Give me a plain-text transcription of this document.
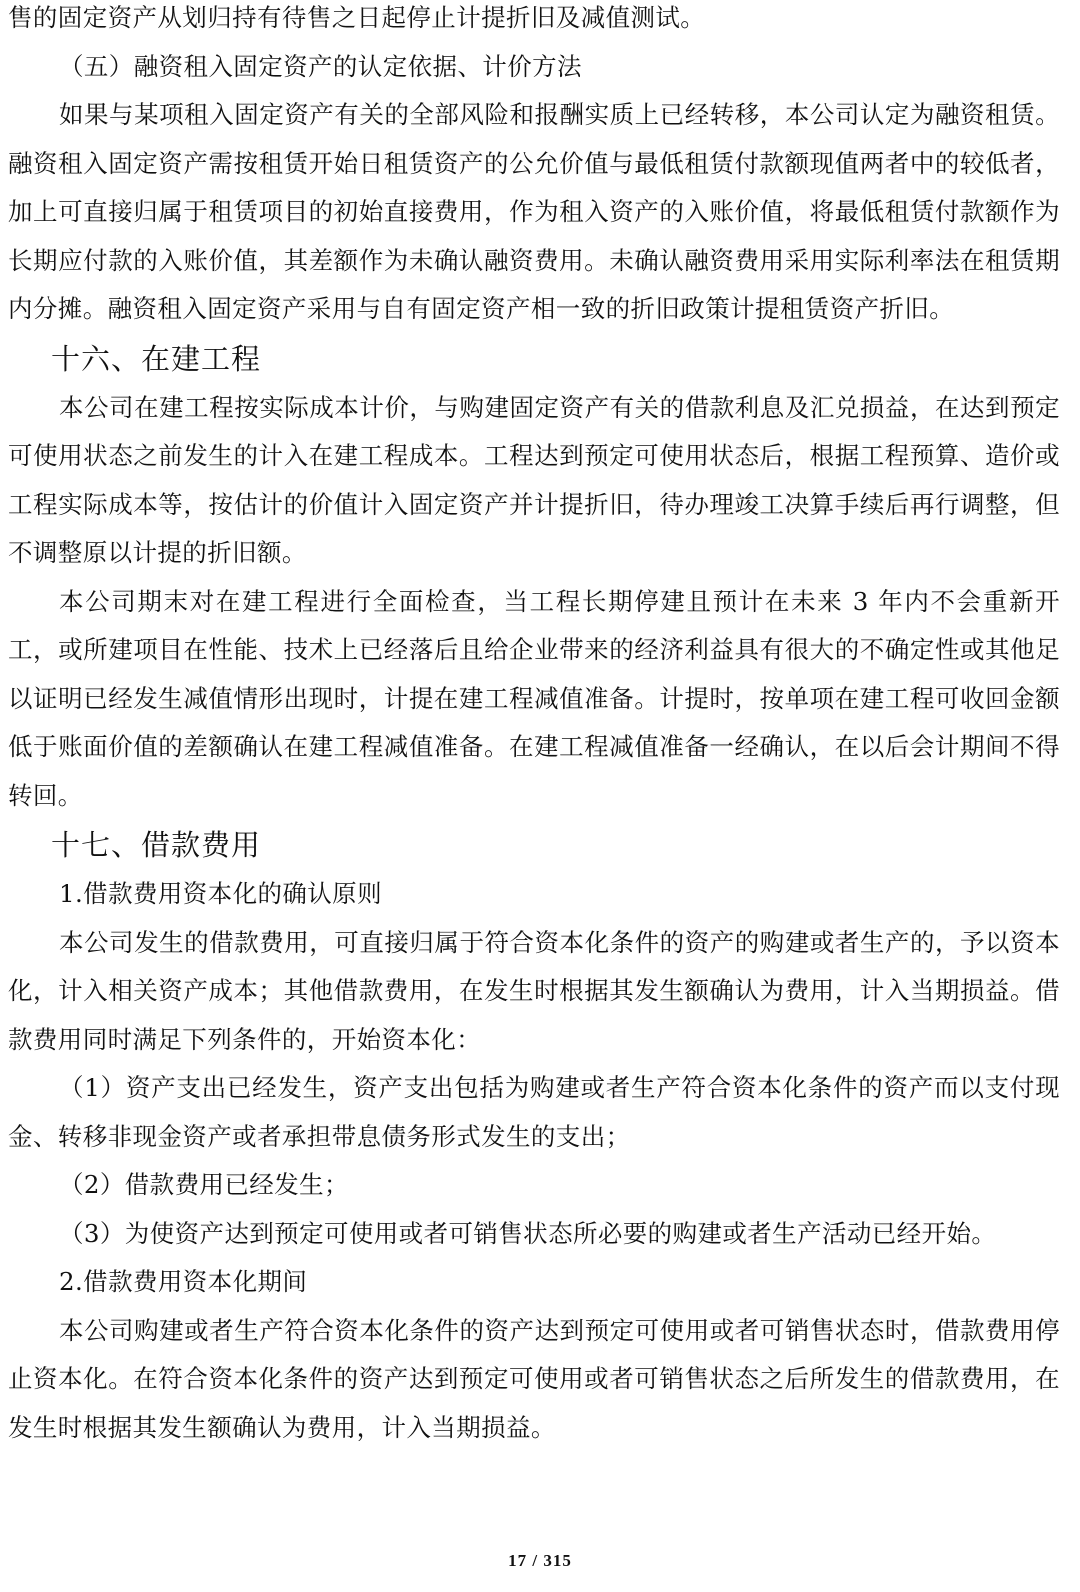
售的固定资产从划归持有待售之日起停止计提折旧及减值测试。

（五）融资租入固定资产的认定依据、计价方法

如果与某项租入固定资产有关的全部风险和报酬实质上已经转移，本公司认定为融资租赁。融资租入固定资产需按租赁开始日租赁资产的公允价值与最低租赁付款额现值两者中的较低者，加上可直接归属于租赁项目的初始直接费用，作为租入资产的入账价值，将最低租赁付款额作为长期应付款的入账价值，其差额作为未确认融资费用。未确认融资费用采用实际利率法在租赁期内分摊。融资租入固定资产采用与自有固定资产相一致的折旧政策计提租赁资产折旧。

十六、在建工程

本公司在建工程按实际成本计价，与购建固定资产有关的借款利息及汇兑损益，在达到预定可使用状态之前发生的计入在建工程成本。工程达到预定可使用状态后，根据工程预算、造价或工程实际成本等，按估计的价值计入固定资产并计提折旧，待办理竣工决算手续后再行调整，但不调整原以计提的折旧额。

本公司期末对在建工程进行全面检查，当工程长期停建且预计在未来 3 年内不会重新开工，或所建项目在性能、技术上已经落后且给企业带来的经济利益具有很大的不确定性或其他足以证明已经发生减值情形出现时，计提在建工程减值准备。计提时，按单项在建工程可收回金额低于账面价值的差额确认在建工程减值准备。在建工程减值准备一经确认，在以后会计期间不得转回。

十七、借款费用

1.借款费用资本化的确认原则

本公司发生的借款费用，可直接归属于符合资本化条件的资产的购建或者生产的，予以资本化，计入相关资产成本；其他借款费用，在发生时根据其发生额确认为费用，计入当期损益。借款费用同时满足下列条件的，开始资本化：

（1）资产支出已经发生，资产支出包括为购建或者生产符合资本化条件的资产而以支付现金、转移非现金资产或者承担带息债务形式发生的支出；

（2）借款费用已经发生；

（3）为使资产达到预定可使用或者可销售状态所必要的购建或者生产活动已经开始。

2.借款费用资本化期间

本公司购建或者生产符合资本化条件的资产达到预定可使用或者可销售状态时，借款费用停止资本化。在符合资本化条件的资产达到预定可使用或者可销售状态之后所发生的借款费用，在发生时根据其发生额确认为费用，计入当期损益。

17 / 315
